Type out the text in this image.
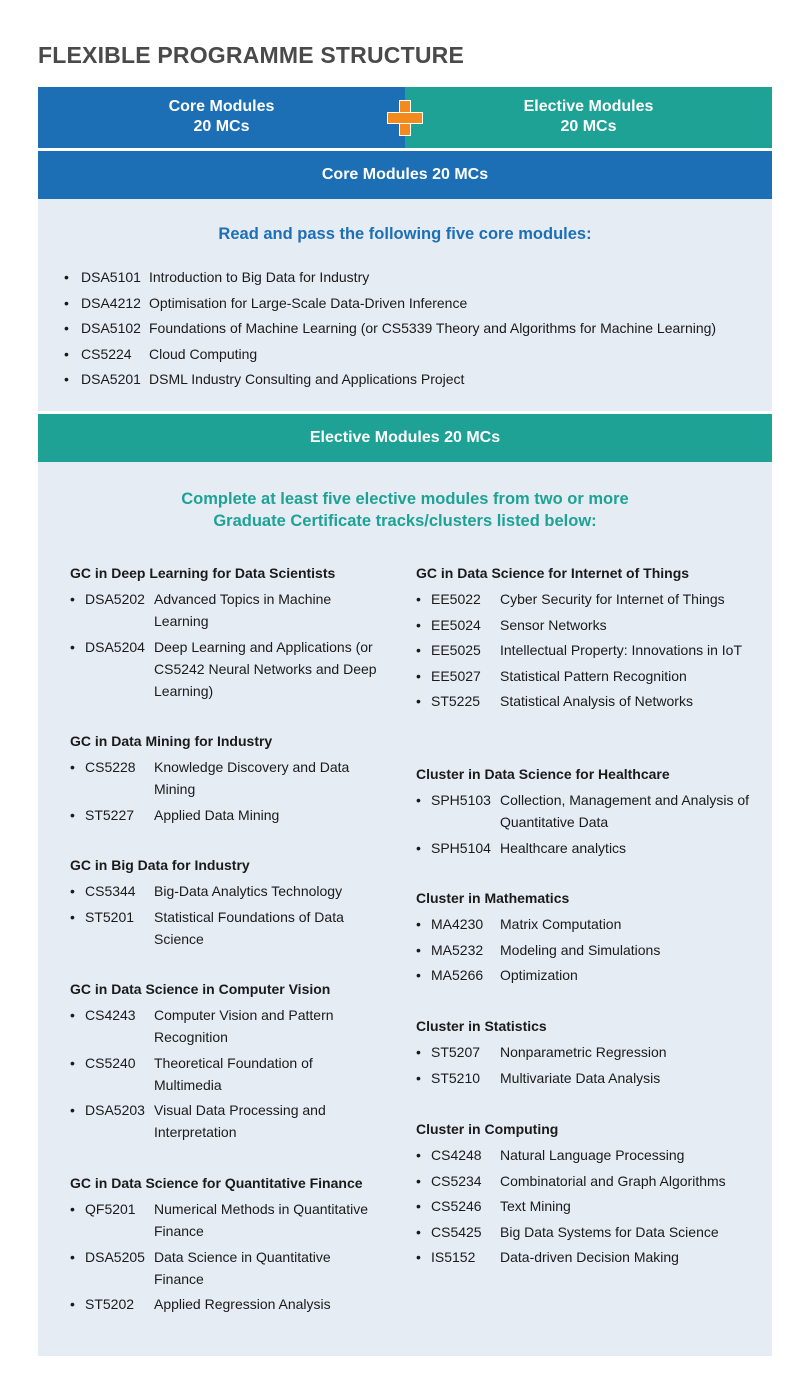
FLEXIBLE PROGRAMME STRUCTURE
Core Modules
20 MCs
Elective Modules
20 MCs
Core Modules 20 MCs
Read and pass the following five core modules:
• DSA5101 Introduction to Big Data for Industry
• DSA4212 Optimisation for Large-Scale Data-Driven Inference
• DSA5102 Foundations of Machine Learning (or CS5339 Theory and Algorithms for Machine Learning)
• CS5224 Cloud Computing
• DSA5201 DSML Industry Consulting and Applications Project
Elective Modules 20 MCs
Complete at least five elective modules from two or more
Graduate Certificate tracks/clusters listed below:
GC in Deep Learning for Data Scientists
• DSA5202 Advanced Topics in Machine Learning
• DSA5204 Deep Learning and Applications (or CS5242 Neural Networks and Deep Learning)
GC in Data Mining for Industry
• CS5228	Knowledge Discovery and Data Mining
• ST5227	Applied Data Mining
GC in Big Data for Industry
• CS5344	Big-Data Analytics Technology
• ST5201	Statistical Foundations of Data Science
GC in Data Science in Computer Vision
• CS4243	Computer Vision and Pattern Recognition
• CS5240	Theoretical Foundation of Multimedia
• DSA5203 Visual Data Processing and Interpretation
GC in Data Science for Quantitative Finance
• QF5201	Numerical Methods in Quantitative Finance
• DSA5205 Data Science in Quantitative Finance
• ST5202	Applied Regression Analysis
GC in Data Science for Internet of Things
• EE5022	Cyber Security for Internet of Things
• EE5024	Sensor Networks
• EE5025	Intellectual Property: Innovations in IoT
• EE5027	Statistical Pattern Recognition
• ST5225	Statistical Analysis of Networks
Cluster in Data Science for Healthcare
• SPH5103 Collection, Management and Analysis of Quantitative Data
• SPH5104 Healthcare analytics
Cluster in Mathematics
• MA4230	Matrix Computation
• MA5232	Modeling and Simulations
• MA5266	Optimization
Cluster in Statistics
• ST5207	Nonparametric Regression
• ST5210	Multivariate Data Analysis
Cluster in Computing
• CS4248	Natural Language Processing
• CS5234	Combinatorial and Graph Algorithms
• CS5246	Text Mining
• CS5425	Big Data Systems for Data Science
• IS5152	Data-driven Decision Making
